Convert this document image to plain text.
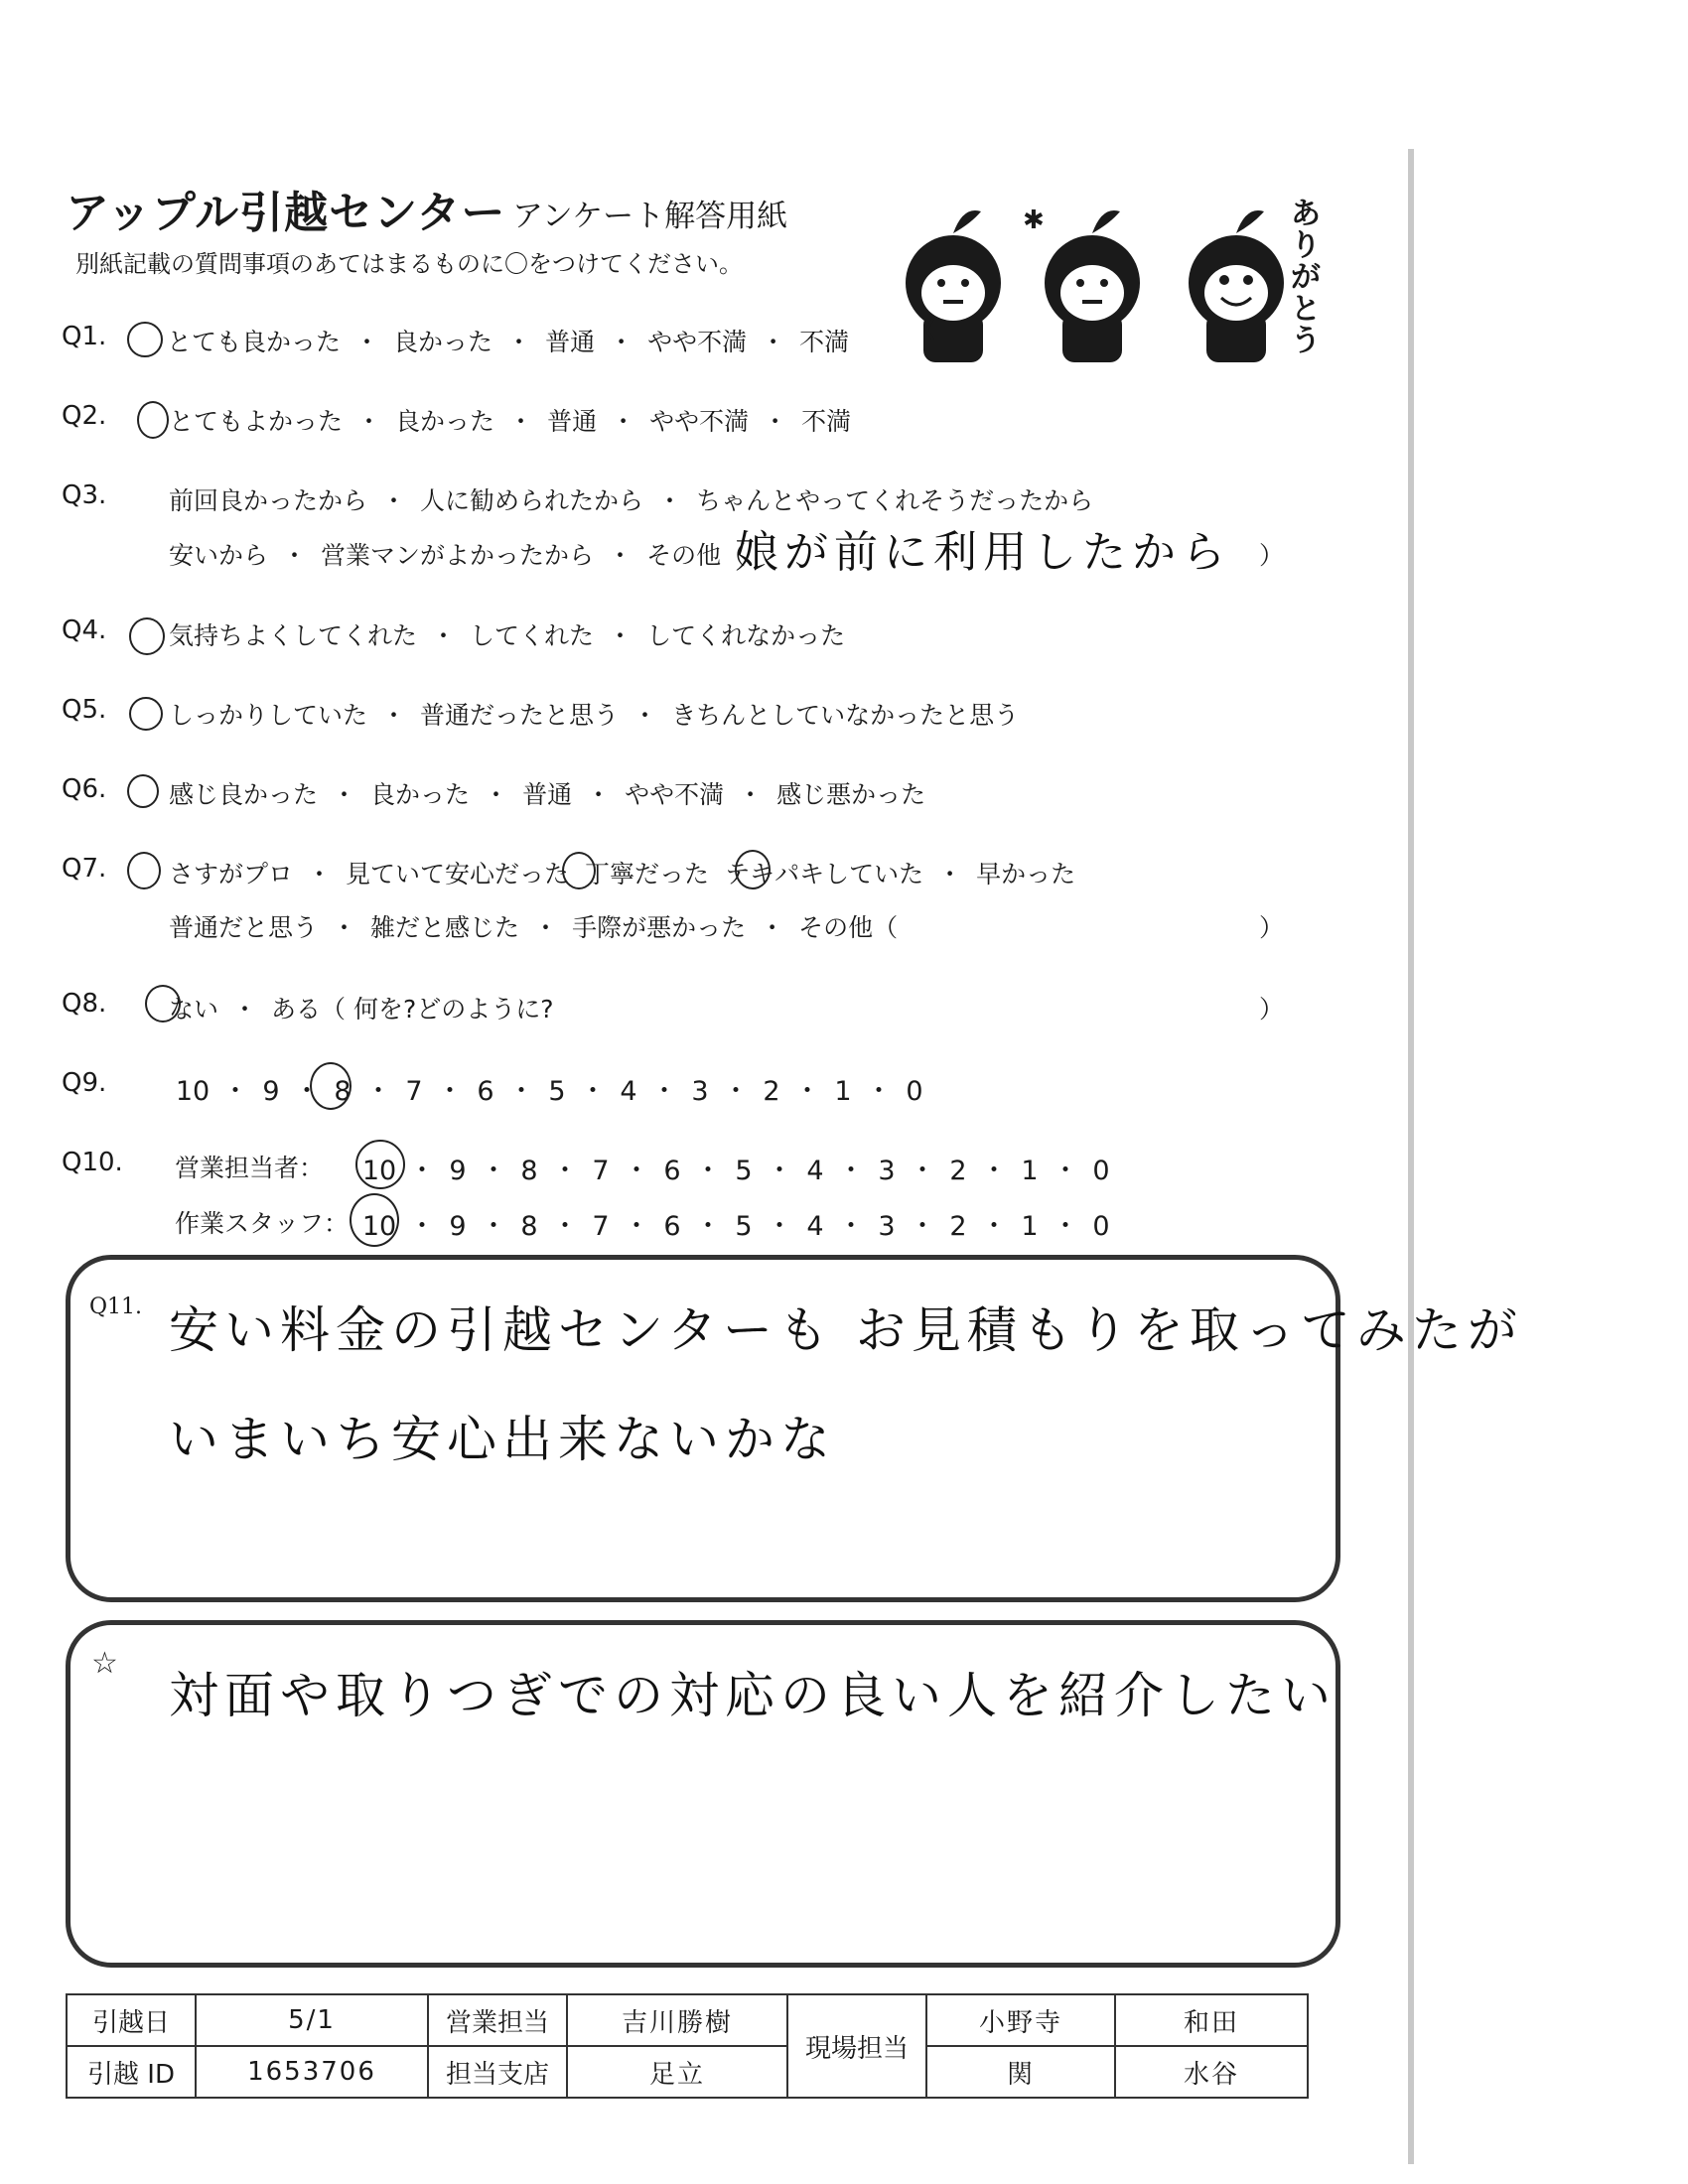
アップル引越センター アンケート解答用紙
別紙記載の質問事項のあてはまるものに〇をつけてください。
✱
《
ありがとう
Q1. とても良かった ・ 良かった ・ 普通 ・ やや不満 ・ 不満
Q2.	とてもよかった ・ 良かった ・ 普通 ・ やや不満 ・ 不満
Q3.	前回良かったから ・ 人に勧められたから ・ ちゃんとやってくれそうだったから
安いから ・ 営業マンがよかったから ・ その他（
娘が前に利用したから ）
Q4.	気持ちよくしてくれた ・ してくれた ・ してくれなかった
Q5.	しっかりしていた ・ 普通だったと思う ・ きちんとしていなかったと思う
Q6.	感じ良かった ・ 良かった ・ 普通 ・ やや不満 ・ 感じ悪かった
Q7.	さすがプロ ・ 見ていて安心だった 丁寧だった テキパキしていた ・ 早かった
普通だと思う ・ 雑だと感じた ・ 手際が悪かった ・ その他（	）
Q8.	ない ・ ある（ 何を?どのように?	）
Q9.	10 ・ 9 ・ 8 ・ 7 ・ 6 ・ 5 ・ 4 ・ 3 ・ 2 ・ 1 ・ 0
Q10. 営業担当者： 10 ・ 9 ・ 8 ・ 7 ・ 6 ・ 5 ・ 4 ・ 3 ・ 2 ・ 1 ・ 0
作業スタッフ： 10 ・ 9 ・ 8 ・ 7 ・ 6 ・ 5 ・ 4 ・ 3 ・ 2 ・ 1 ・ 0
Q11. 安い料金の引越センターも お見積もりを取ってみたが
いまいち安心出来ないかな
☆
対面や取りつぎでの対応の良い人を紹介したい
引越日	5/1	営業担当	吉川勝樹	現場担当	小野寺	和田
引越 ID	1653706	担当支店	足立		関	水谷
